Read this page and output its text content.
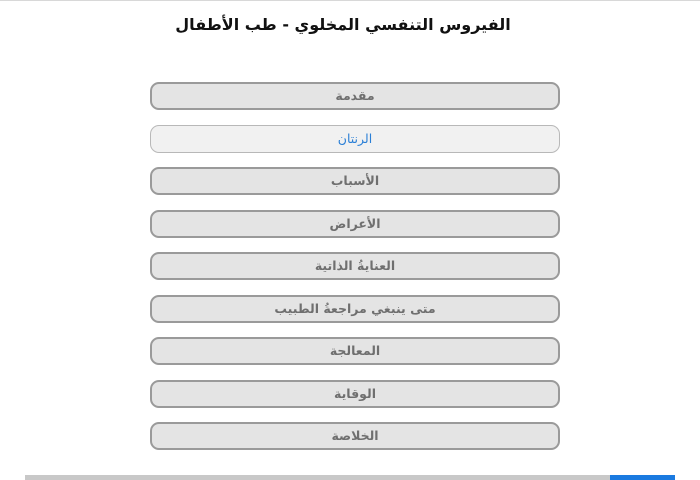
الفيروس التنفسي المخلوي - طب الأطفال
مقدمة
الرنتان
الأسباب
الأعراض
العنايةُ الذاتية
متى ينبغي مراجعةُ الطبيب
المعالجة
الوقاية
الخلاصة
